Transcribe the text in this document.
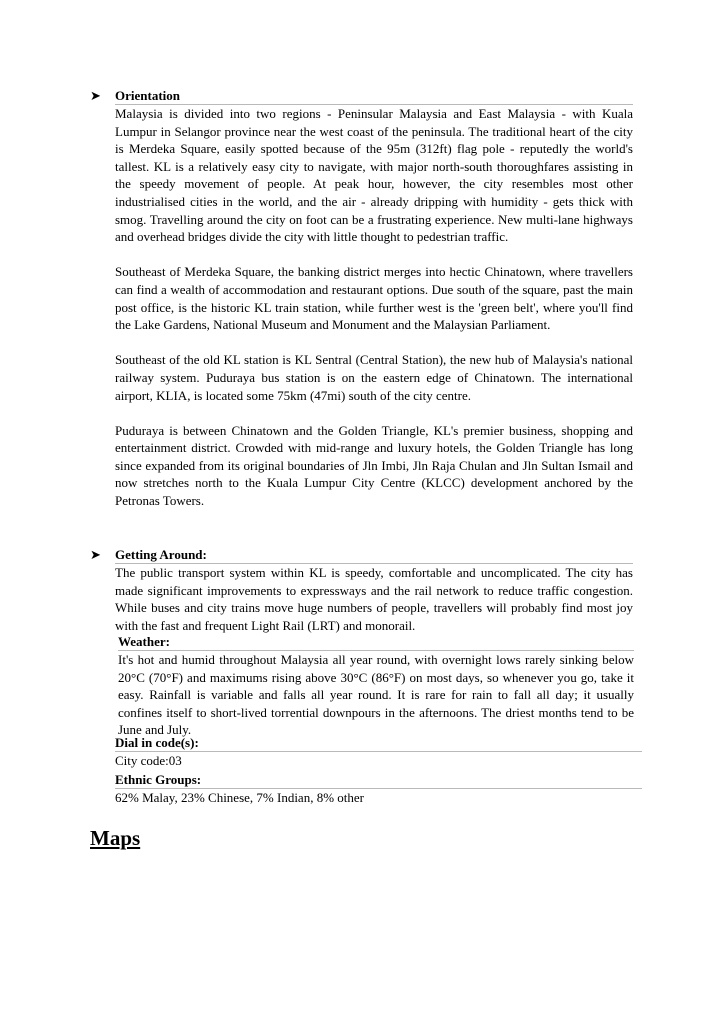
➤ Orientation

Malaysia is divided into two regions - Peninsular Malaysia and East Malaysia - with Kuala Lumpur in Selangor province near the west coast of the peninsula. The traditional heart of the city is Merdeka Square, easily spotted because of the 95m (312ft) flag pole - reputedly the world's tallest. KL is a relatively easy city to navigate, with major north-south thoroughfares assisting in the speedy movement of people. At peak hour, however, the city resembles most other industrialised cities in the world, and the air - already dripping with humidity - gets thick with smog. Travelling around the city on foot can be a frustrating experience. New multi-lane highways and overhead bridges divide the city with little thought to pedestrian traffic.

Southeast of Merdeka Square, the banking district merges into hectic Chinatown, where travellers can find a wealth of accommodation and restaurant options. Due south of the square, past the main post office, is the historic KL train station, while further west is the 'green belt', where you'll find the Lake Gardens, National Museum and Monument and the Malaysian Parliament.

Southeast of the old KL station is KL Sentral (Central Station), the new hub of Malaysia's national railway system. Puduraya bus station is on the eastern edge of Chinatown. The international airport, KLIA, is located some 75km (47mi) south of the city centre.

Puduraya is between Chinatown and the Golden Triangle, KL's premier business, shopping and entertainment district. Crowded with mid-range and luxury hotels, the Golden Triangle has long since expanded from its original boundaries of Jln Imbi, Jln Raja Chulan and Jln Sultan Ismail and now stretches north to the Kuala Lumpur City Centre (KLCC) development anchored by the Petronas Towers.

➤ Getting Around:
The public transport system within KL is speedy, comfortable and uncomplicated. The city has made significant improvements to expressways and the rail network to reduce traffic congestion. While buses and city trains move huge numbers of people, travellers will probably find most joy with the fast and frequent Light Rail (LRT) and monorail.
Weather:
It's hot and humid throughout Malaysia all year round, with overnight lows rarely sinking below 20°C (70°F) and maximums rising above 30°C (86°F) on most days, so whenever you go, take it easy. Rainfall is variable and falls all year round. It is rare for rain to fall all day; it usually confines itself to short-lived torrential downpours in the afternoons. The driest months tend to be June and July.
Dial in code(s):
City code:03
Ethnic Groups:
62% Malay, 23% Chinese, 7% Indian, 8% other
Maps
